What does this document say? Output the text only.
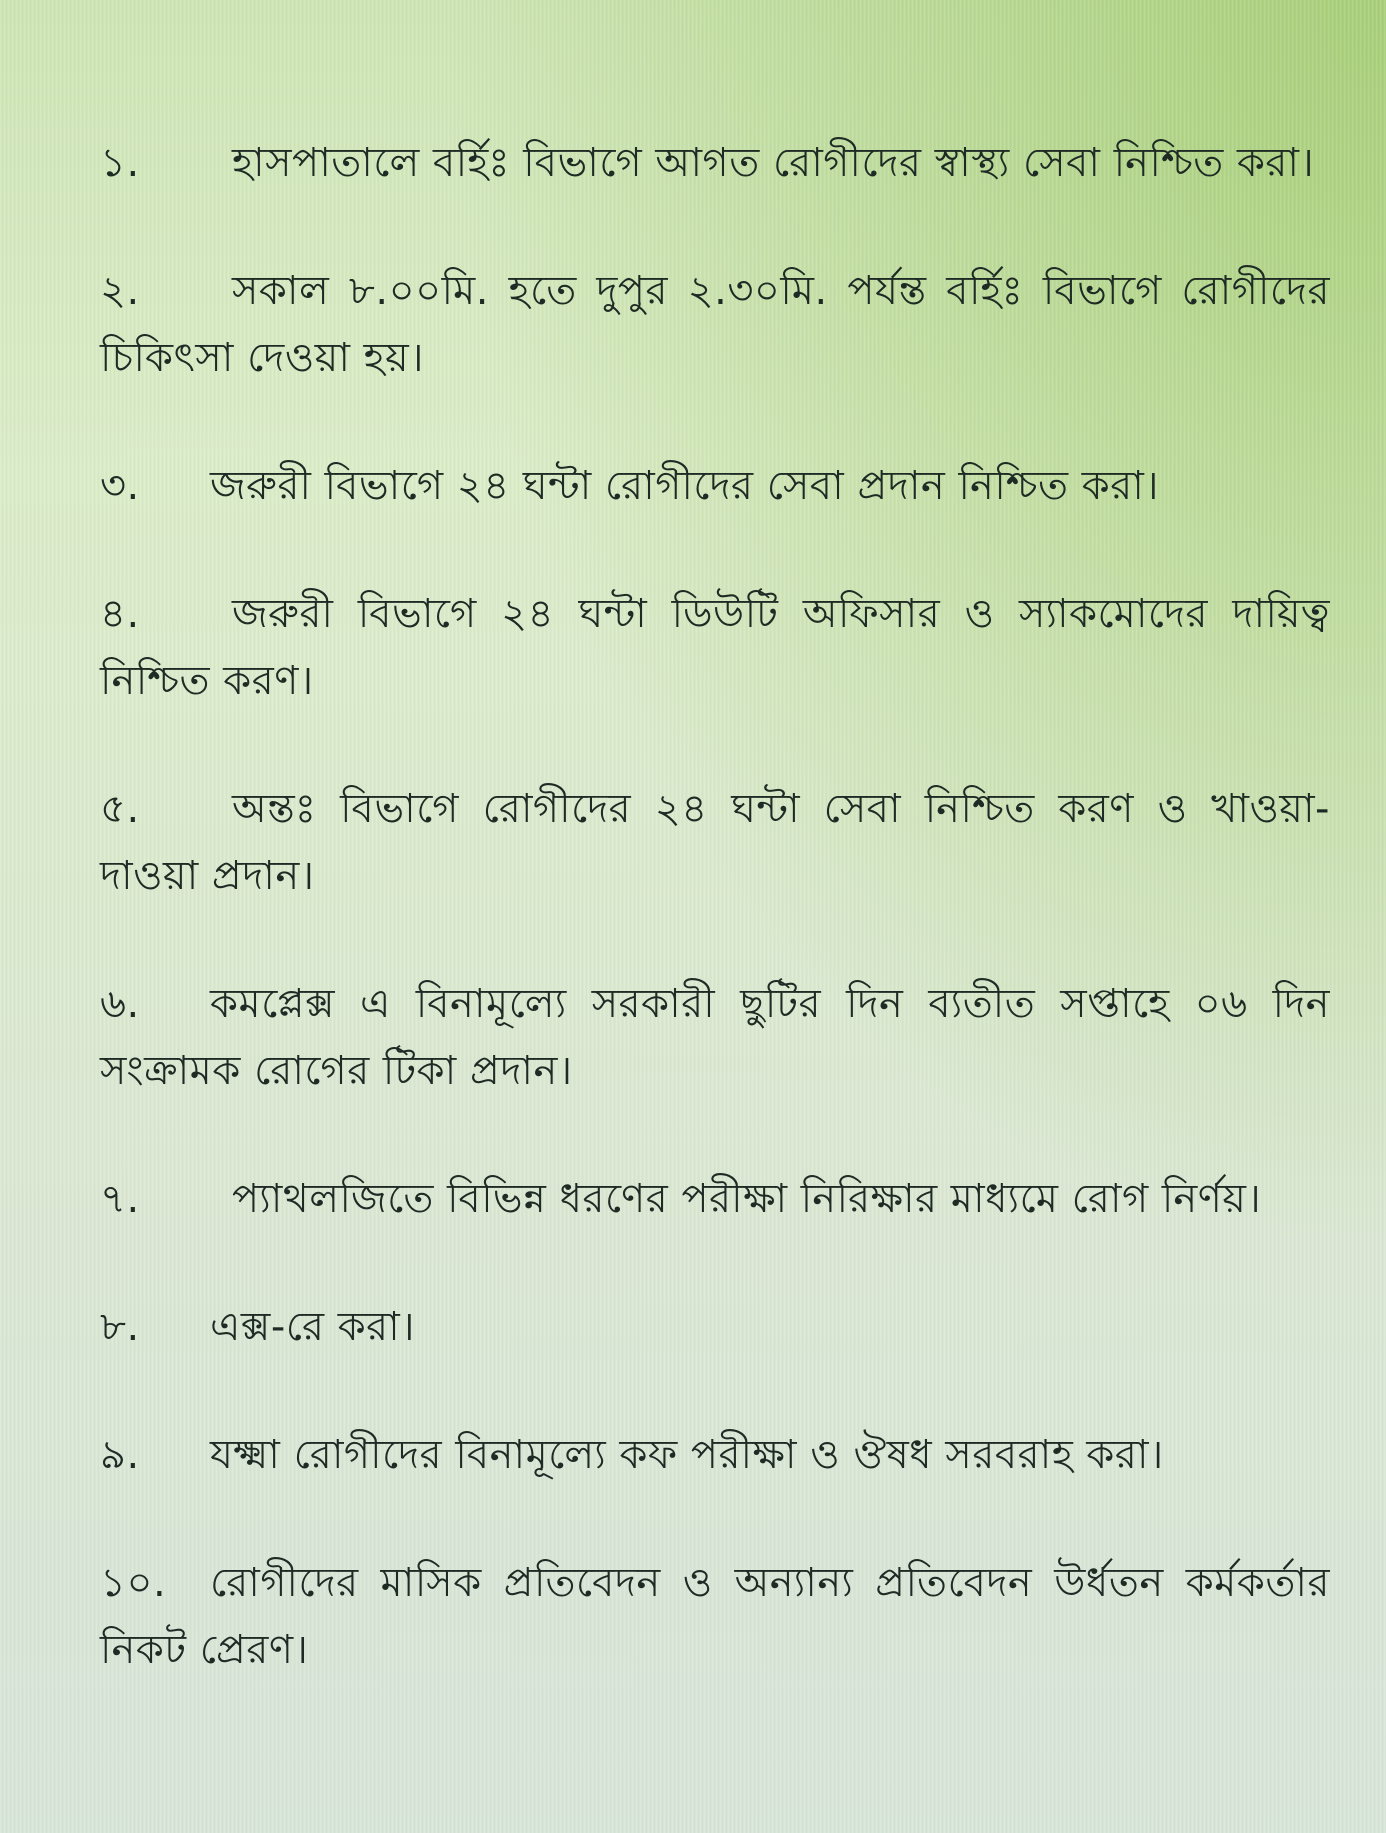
১. হাসপাতালে বর্হিঃ বিভাগে আগত রোগীদের স্বাস্থ্য সেবা নিশ্চিত করা।
২. সকাল ৮.০০মি. হতে দুপুর ২.৩০মি. পর্যন্ত বর্হিঃ বিভাগে রোগীদের চিকিৎসা দেওয়া হয়।
৩. জরুরী বিভাগে ২৪ ঘন্টা রোগীদের সেবা প্রদান নিশ্চিত করা।
৪. জরুরী বিভাগে ২৪ ঘন্টা ডিউটি অফিসার ও স্যাকমোদের দায়িত্ব নিশ্চিত করণ।
৫. অন্তঃ বিভাগে রোগীদের ২৪ ঘন্টা সেবা নিশ্চিত করণ ও খাওয়া-দাওয়া প্রদান।
৬. কমপ্লেক্স এ বিনামূল্যে সরকারী ছুটির দিন ব্যতীত সপ্তাহে ০৬ দিন সংক্রামক রোগের টিকা প্রদান।
৭. প্যাথলজিতে বিভিন্ন ধরণের পরীক্ষা নিরিক্ষার মাধ্যমে রোগ নির্ণয়।
৮. এক্স-রে করা।
৯. যক্ষ্মা রোগীদের বিনামূল্যে কফ পরীক্ষা ও ঔষধ সরবরাহ করা।
১০. রোগীদের মাসিক প্রতিবেদন ও অন্যান্য প্রতিবেদন উর্ধতন কর্মকর্তার নিকট প্রেরণ।
